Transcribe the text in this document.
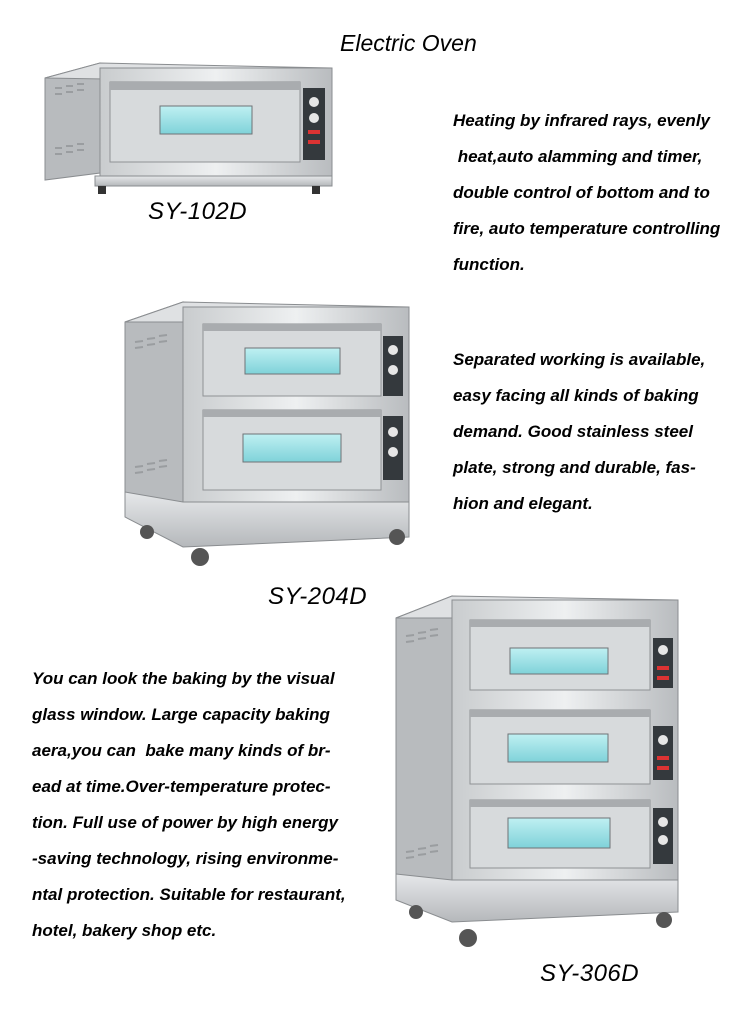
Electric Oven
SY-102D

Heating by infrared rays, evenly
heat,auto alamming and timer,
double control of bottom and to
fire, auto temperature controlling
function.

SY-204D

Separated working is available,
easy facing all kinds of baking
demand. Good stainless steel
plate, strong and durable, fas-
hion and elegant.

SY-306D

You can look the baking by the visual
glass window. Large capacity baking
aera,you can  bake many kinds of br-
ead at time.Over-temperature protec-
tion. Full use of power by high energy
-saving technology, rising environme-
ntal protection. Suitable for restaurant,
hotel, bakery shop etc.
